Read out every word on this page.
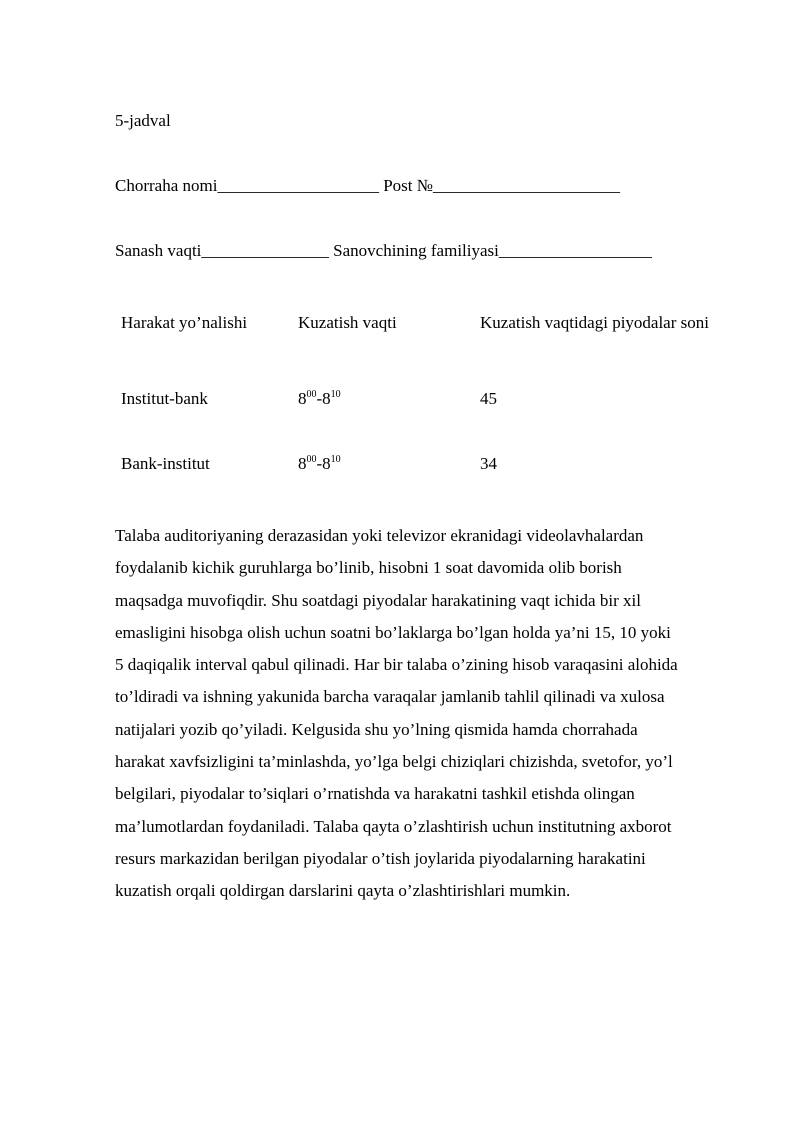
5-jadval
Chorraha nomi___________________ Post №______________________
Sanash vaqti_______________ Sanovchining familiyasi__________________
Harakat yo’nalishi	Kuzatish vaqti	Kuzatish vaqtidagi piyodalar soni
Institut-bank	$8^{00}-8^{10}$	45
Bank-institut	$8^{00}-8^{10}$	34
Talaba auditoriyaning derazasidan yoki televizor ekranidagi videolavhalardan
foydalanib kichik guruhlarga bo’linib, hisobni 1 soat davomida olib borish
maqsadga muvofiqdir. Shu soatdagi piyodalar harakatining vaqt ichida bir xil
emasligini hisobga olish uchun soatni bo’laklarga bo’lgan holda ya’ni 15, 10 yoki
5 daqiqalik interval qabul qilinadi. Har bir talaba o’zining hisob varaqasini alohida
to’ldiradi va ishning yakunida barcha varaqalar jamlanib tahlil qilinadi va xulosa
natijalari yozib qo’yiladi. Kelgusida shu yo’lning qismida hamda chorrahada
harakat xavfsizligini ta’minlashda, yo’lga belgi chiziqlari chizishda, svetofor, yo’l
belgilari, piyodalar to’siqlari o’rnatishda va harakatni tashkil etishda olingan
ma’lumotlardan foydaniladi. Talaba qayta o’zlashtirish uchun institutning axborot
resurs markazidan berilgan piyodalar o’tish joylarida piyodalarning harakatini
kuzatish orqali qoldirgan darslarini qayta o’zlashtirishlari mumkin.
